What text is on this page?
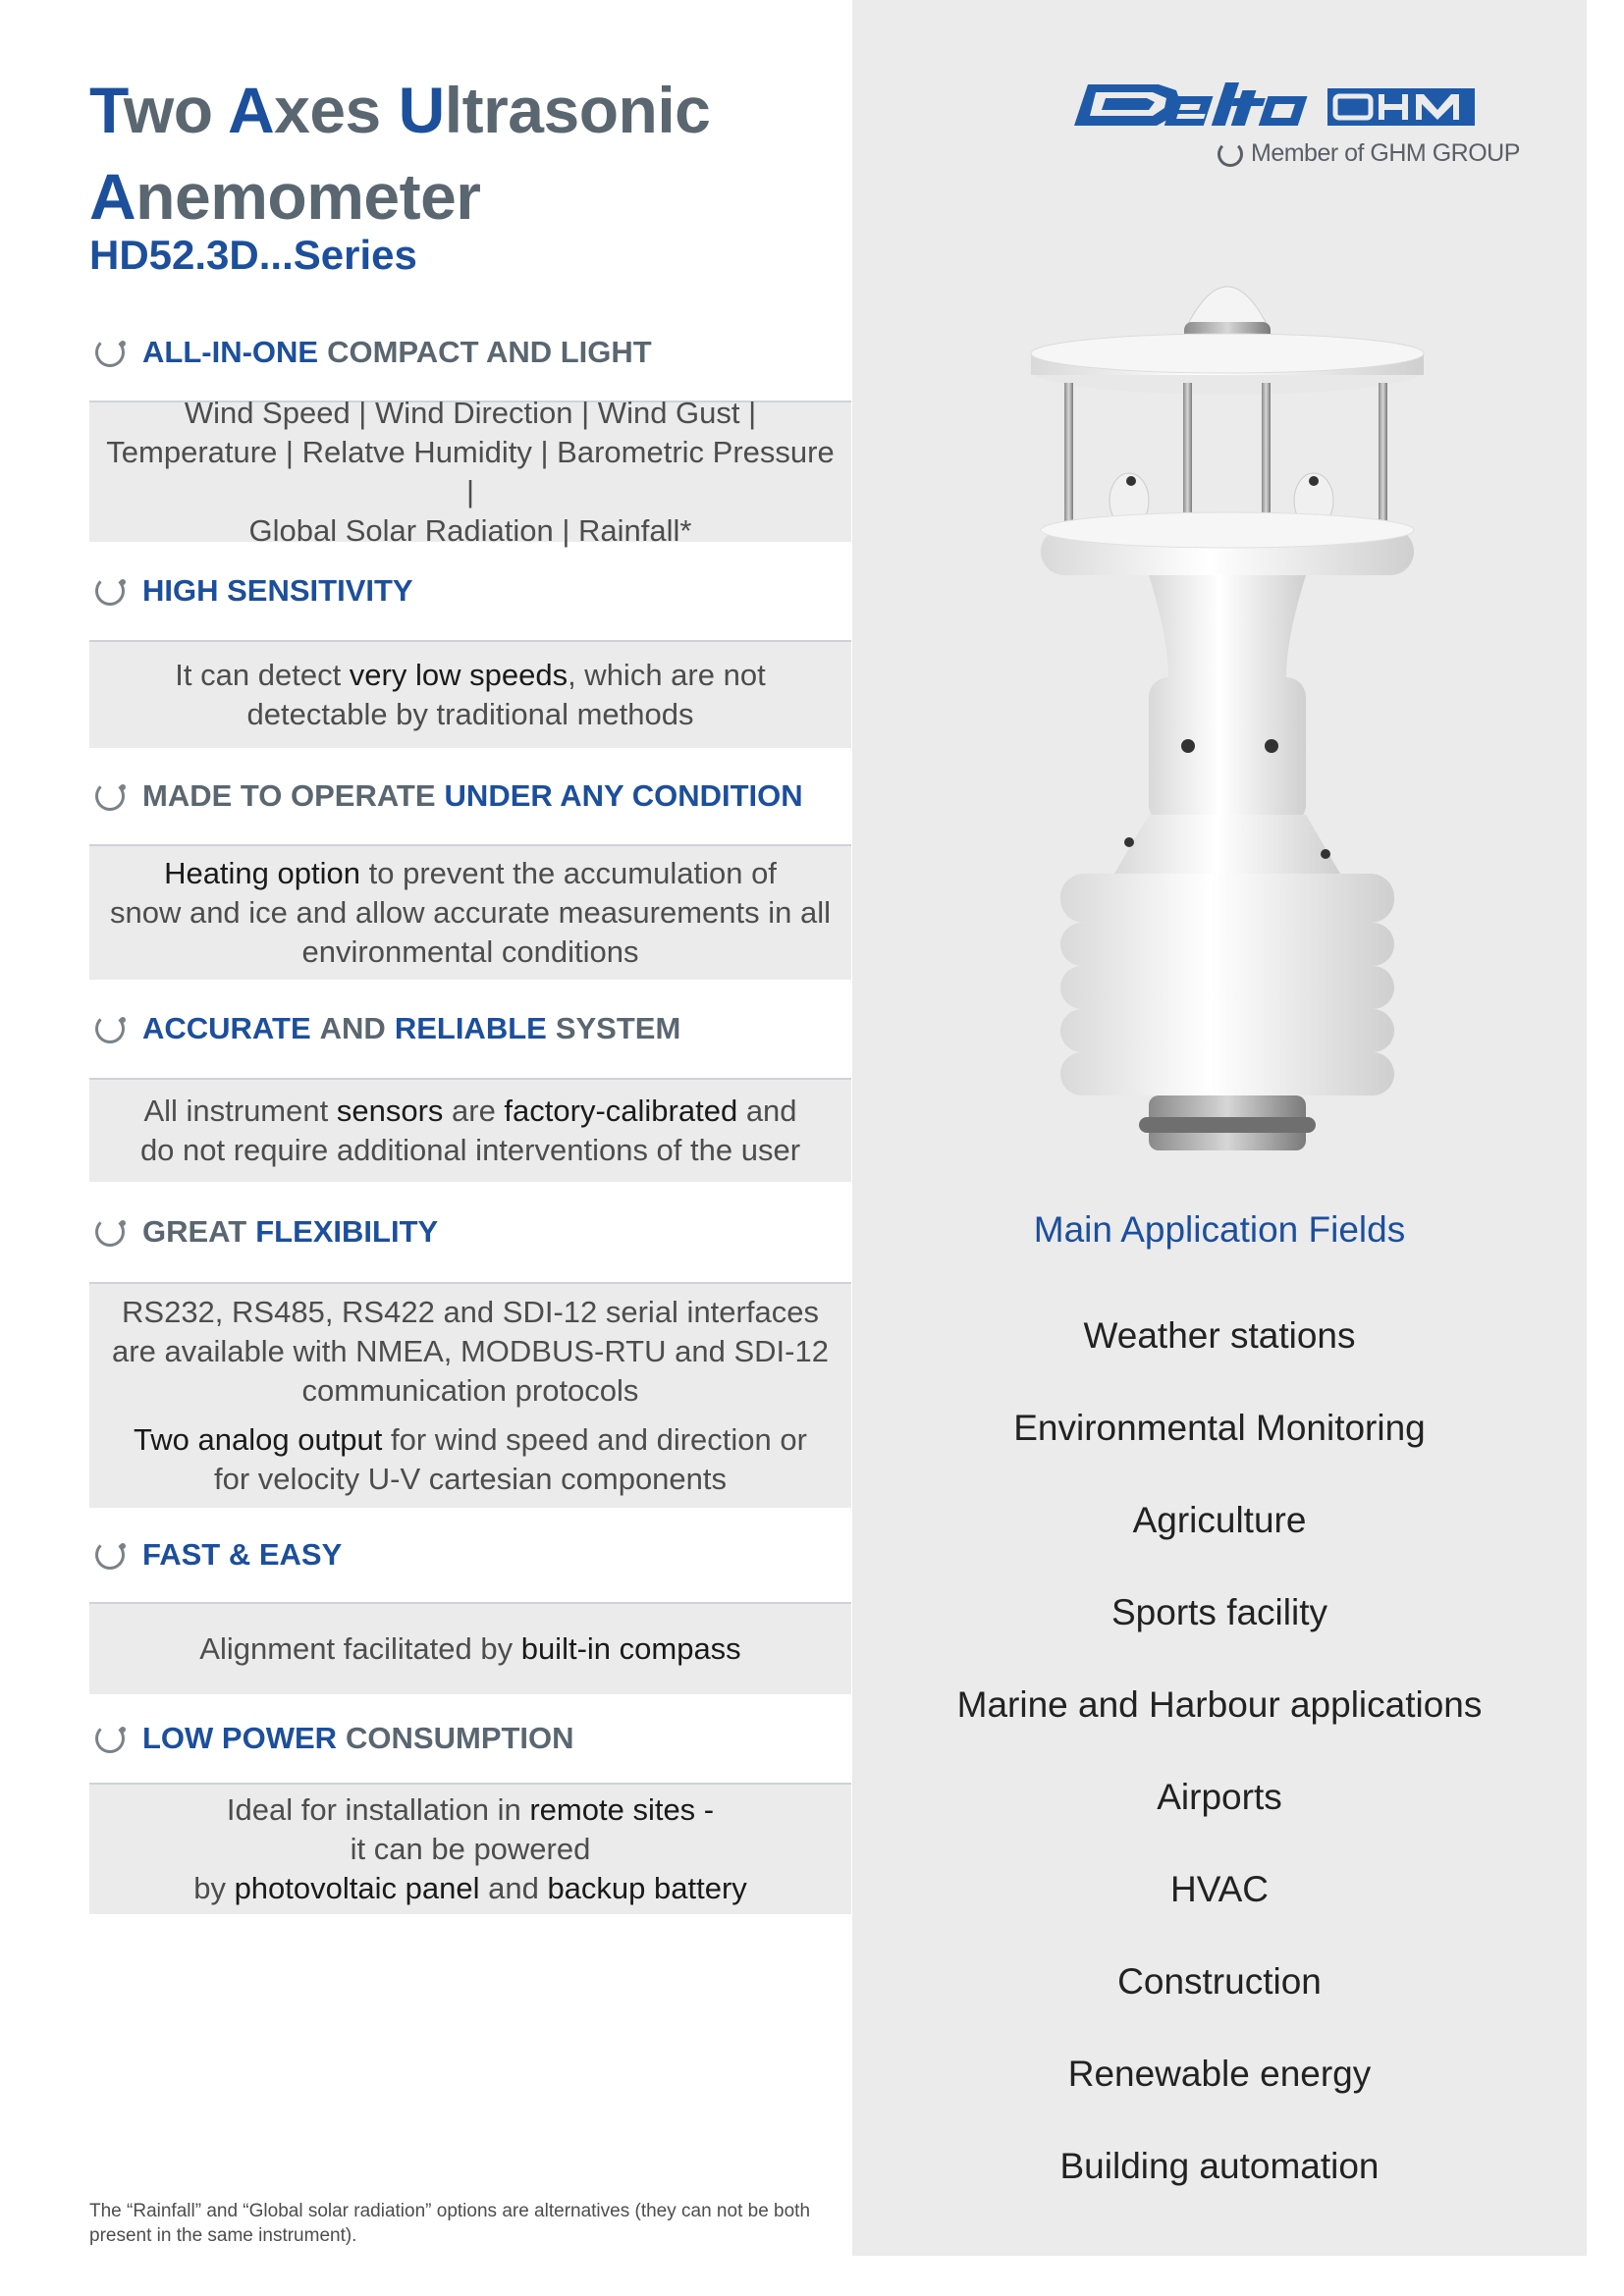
Two Axes Ultrasonic
Anemometer
HD52.3D...Series
ALL-IN-ONE COMPACT AND LIGHT
Wind Speed | Wind Direction | Wind Gust |
Temperature | Relatve Humidity | Barometric Pressure |
Global Solar Radiation | Rainfall*
HIGH SENSITIVITY
It can detect very low speeds, which are not
detectable by traditional methods
MADE TO OPERATE UNDER ANY CONDITION
Heating option to prevent the accumulation of
snow and ice and allow accurate measurements in all
environmental conditions
ACCURATE AND RELIABLE SYSTEM
All instrument sensors are factory-calibrated and
do not require additional interventions of the user
GREAT FLEXIBILITY
RS232, RS485, RS422 and SDI-12 serial interfaces
are available with NMEA, MODBUS-RTU and SDI-12
communication protocols
Two analog output for wind speed and direction or
for velocity U-V cartesian components
FAST & EASY
Alignment facilitated by built-in compass
LOW POWER CONSUMPTION
Ideal for installation in remote sites -
it can be powered
by photovoltaic panel and backup battery
The “Rainfall” and “Global solar radiation” options are alternatives (they can not be both present in the same instrument).
Member of GHM GROUP
Main Application Fields
Weather stations
Environmental Monitoring
Agriculture
Sports facility
Marine and Harbour applications
Airports
HVAC
Construction
Renewable energy
Building automation
